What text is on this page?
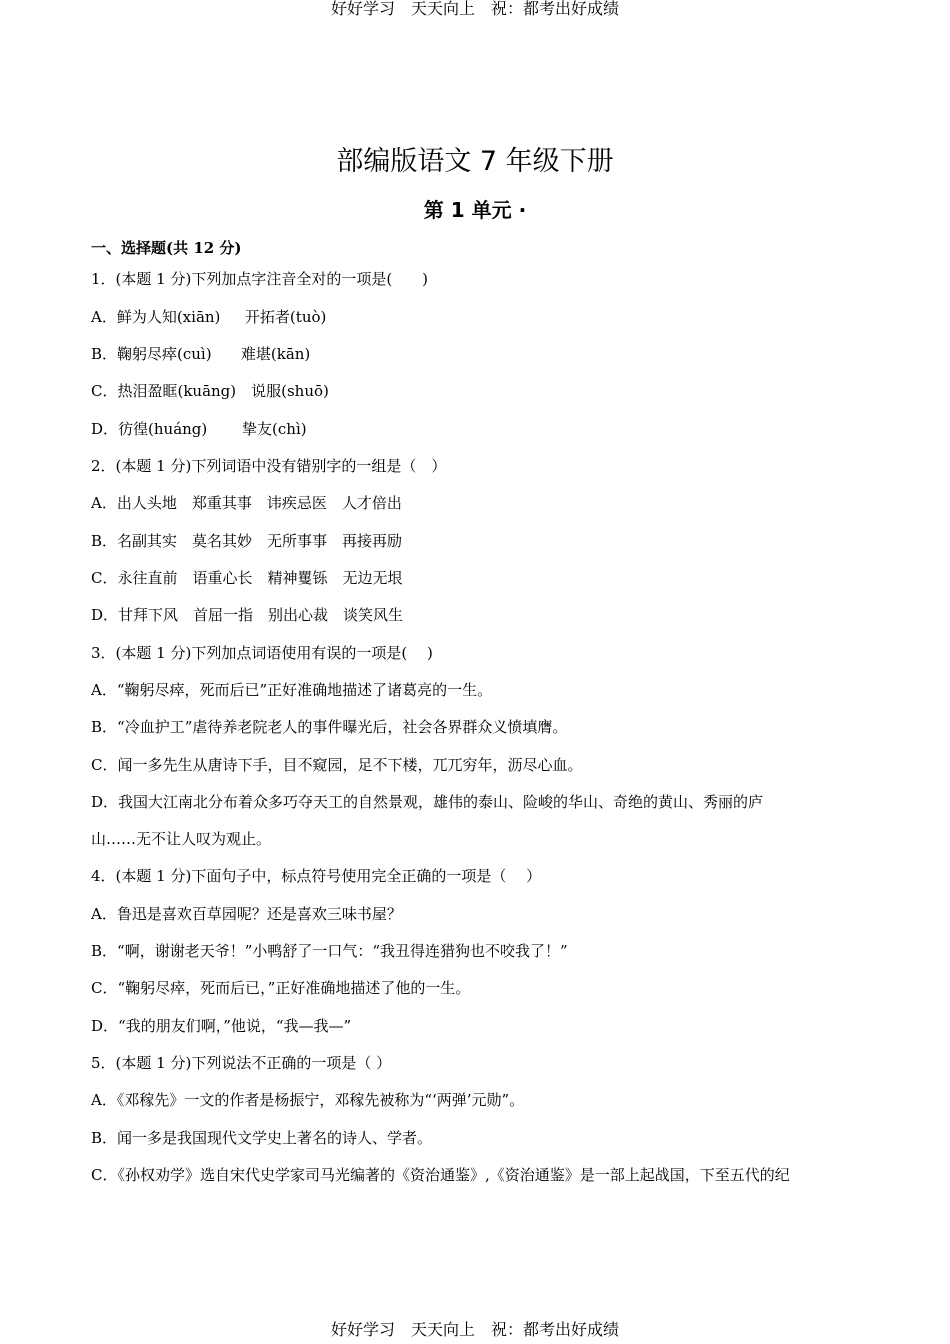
好好学习　天天向上　祝：都考出好成绩
部编版语文 7 年级下册
第 1 单元 ·
一、选择题(共 12 分)
1．(本题 1 分)下列加点字注音全对的一项是(　　)
A．鲜为人知(xiān)　  开拓者(tuò)
B．鞠躬尽瘁(cuì)　   难堪(kān)
C．热泪盈眶(kuāng)　说服(shuō)
D．彷徨(huáng)　　 挚友(chì)
2．(本题 1 分)下列词语中没有错别字的一组是（　）
A．出人头地　郑重其事　讳疾忌医　人才倍出
B．名副其实　莫名其妙　无所事事　再接再励
C．永往直前　语重心长　精神矍铄　无边无垠
D．甘拜下风　首屈一指　别出心裁　谈笑风生
3．(本题 1 分)下列加点词语使用有误的一项是(　 )
A．“鞠躬尽瘁，死而后已”正好准确地描述了诸葛亮的一生。
B．“冷血护工”虐待养老院老人的事件曝光后，社会各界群众义愤填膺。
C．闻一多先生从唐诗下手，目不窥园，足不下楼，兀兀穷年，沥尽心血。
D．我国大江南北分布着众多巧夺天工的自然景观，雄伟的泰山、险峻的华山、奇绝的黄山、秀丽的庐
山……无不让人叹为观止。
4．(本题 1 分)下面句子中，标点符号使用完全正确的一项是（　 ）
A．鲁迅是喜欢百草园呢？还是喜欢三味书屋？
B．“啊，谢谢老天爷！”小鸭舒了一口气：“我丑得连猎狗也不咬我了！”
C．“鞠躬尽瘁，死而后已，”正好准确地描述了他的一生。
D．“我的朋友们啊，”他说，“我—我—”
5．(本题 1 分)下列说法不正确的一项是（ ）
A．《邓稼先》一文的作者是杨振宁，邓稼先被称为“‘两弹’元勋”。
B．闻一多是我国现代文学史上著名的诗人、学者。
C．《孙权劝学》选自宋代史学家司马光编著的《资治通鉴》,《资治通鉴》是一部上起战国，下至五代的纪
好好学习　天天向上　祝：都考出好成绩
